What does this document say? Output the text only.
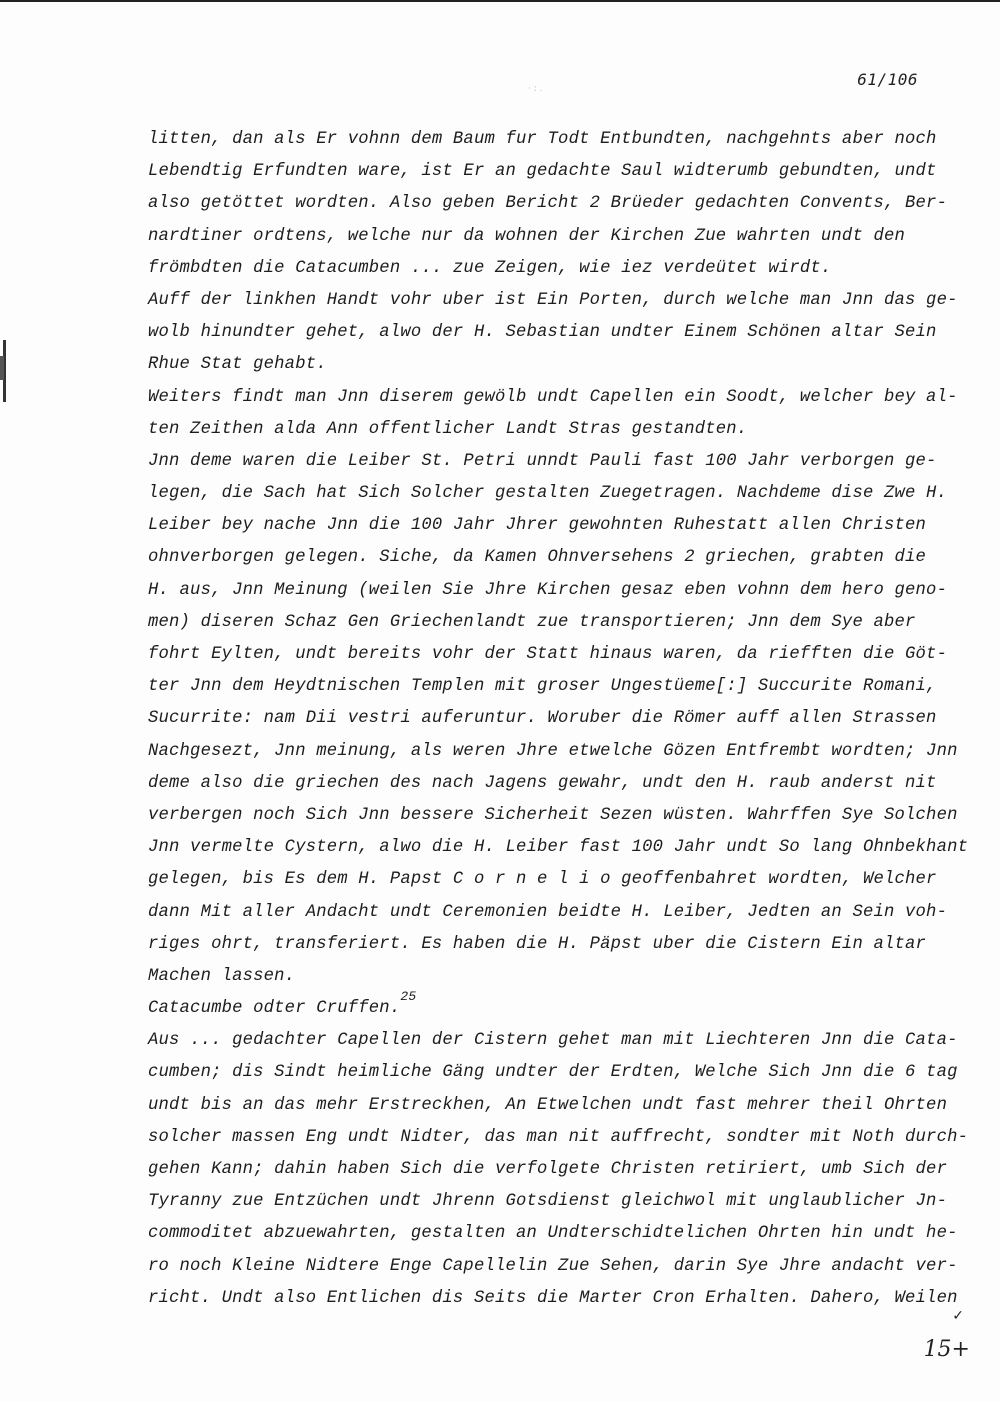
· : .	61/106
litten, dan als Er vohnn dem Baum fur Todt Entbundten, nachgehnts aber noch
Lebendtig Erfundten ware, ist Er an gedachte Saul widterumb gebundten, undt
also getöttet wordten. Also geben Bericht 2 Brüeder gedachten Convents, Ber-
nardtiner ordtens, welche nur da wohnen der Kirchen Zue wahrten undt den
frömbdten die Catacumben ... zue Zeigen, wie iez verdeütet wirdt.
Auff der linkhen Handt vohr uber ist Ein Porten, durch welche man Jnn das ge-
wolb hinundter gehet, alwo der H. Sebastian undter Einem Schönen altar Sein
Rhue Stat gehabt.
Weiters findt man Jnn diserem gewölb undt Capellen ein Soodt, welcher bey al-
ten Zeithen alda Ann offentlicher Landt Stras gestandten.
Jnn deme waren die Leiber St. Petri unndt Pauli fast 100 Jahr verborgen ge-
legen, die Sach hat Sich Solcher gestalten Zuegetragen. Nachdeme dise Zwe H.
Leiber bey nache Jnn die 100 Jahr Jhrer gewohnten Ruhestatt allen Christen
ohnverborgen gelegen. Siche, da Kamen Ohnversehens 2 griechen, grabten die
H. aus, Jnn Meinung (weilen Sie Jhre Kirchen gesaz eben vohnn dem hero geno-
men) diseren Schaz Gen Griechenlandt zue transportieren; Jnn dem Sye aber
fohrt Eylten, undt bereits vohr der Statt hinaus waren, da riefften die Göt-
ter Jnn dem Heydtnischen Templen mit groser Ungestüeme[:] Succurite Romani,
Sucurrite: nam Dii vestri auferuntur. Woruber die Römer auff allen Strassen
Nachgesezt, Jnn meinung, als weren Jhre etwelche Gözen Entfrembt wordten; Jnn
deme also die griechen des nach Jagens gewahr, undt den H. raub anderst nit
verbergen noch Sich Jnn bessere Sicherheit Sezen wüsten. Wahrffen Sye Solchen
Jnn vermelte Cystern, alwo die H. Leiber fast 100 Jahr undt So lang Ohnbekhant
gelegen, bis Es dem H. Papst C o r n e l i o geoffenbahret wordten, Welcher
dann Mit aller Andacht undt Ceremonien beidte H. Leiber, Jedten an Sein voh-
riges ohrt, transferiert. Es haben die H. Päpst uber die Cistern Ein altar
Machen lassen.
Catacumbe odter Cruffen.$^{25}$
Aus ... gedachter Capellen der Cistern gehet man mit Liechteren Jnn die Cata-
cumben; dis Sindt heimliche Gäng undter der Erdten, Welche Sich Jnn die 6 tag
undt bis an das mehr Erstreckhen, An Etwelchen undt fast mehrer theil Ohrten
solcher massen Eng undt Nidter, das man nit auffrecht, sondter mit Noth durch-
gehen Kann; dahin haben Sich die verfolgete Christen retiriert, umb Sich der
Tyranny zue Entzüchen undt Jhrenn Gotsdienst gleichwol mit unglaublicher Jn-
commoditet abzuewahrten, gestalten an Undterschidtelichen Ohrten hin undt he-
ro noch Kleine Nidtere Enge Capellelin Zue Sehen, darin Sye Jhre andacht ver-
richt. Undt also Entlichen dis Seits die Marter Cron Erhalten. Dahero, Weilen
✓
15+
